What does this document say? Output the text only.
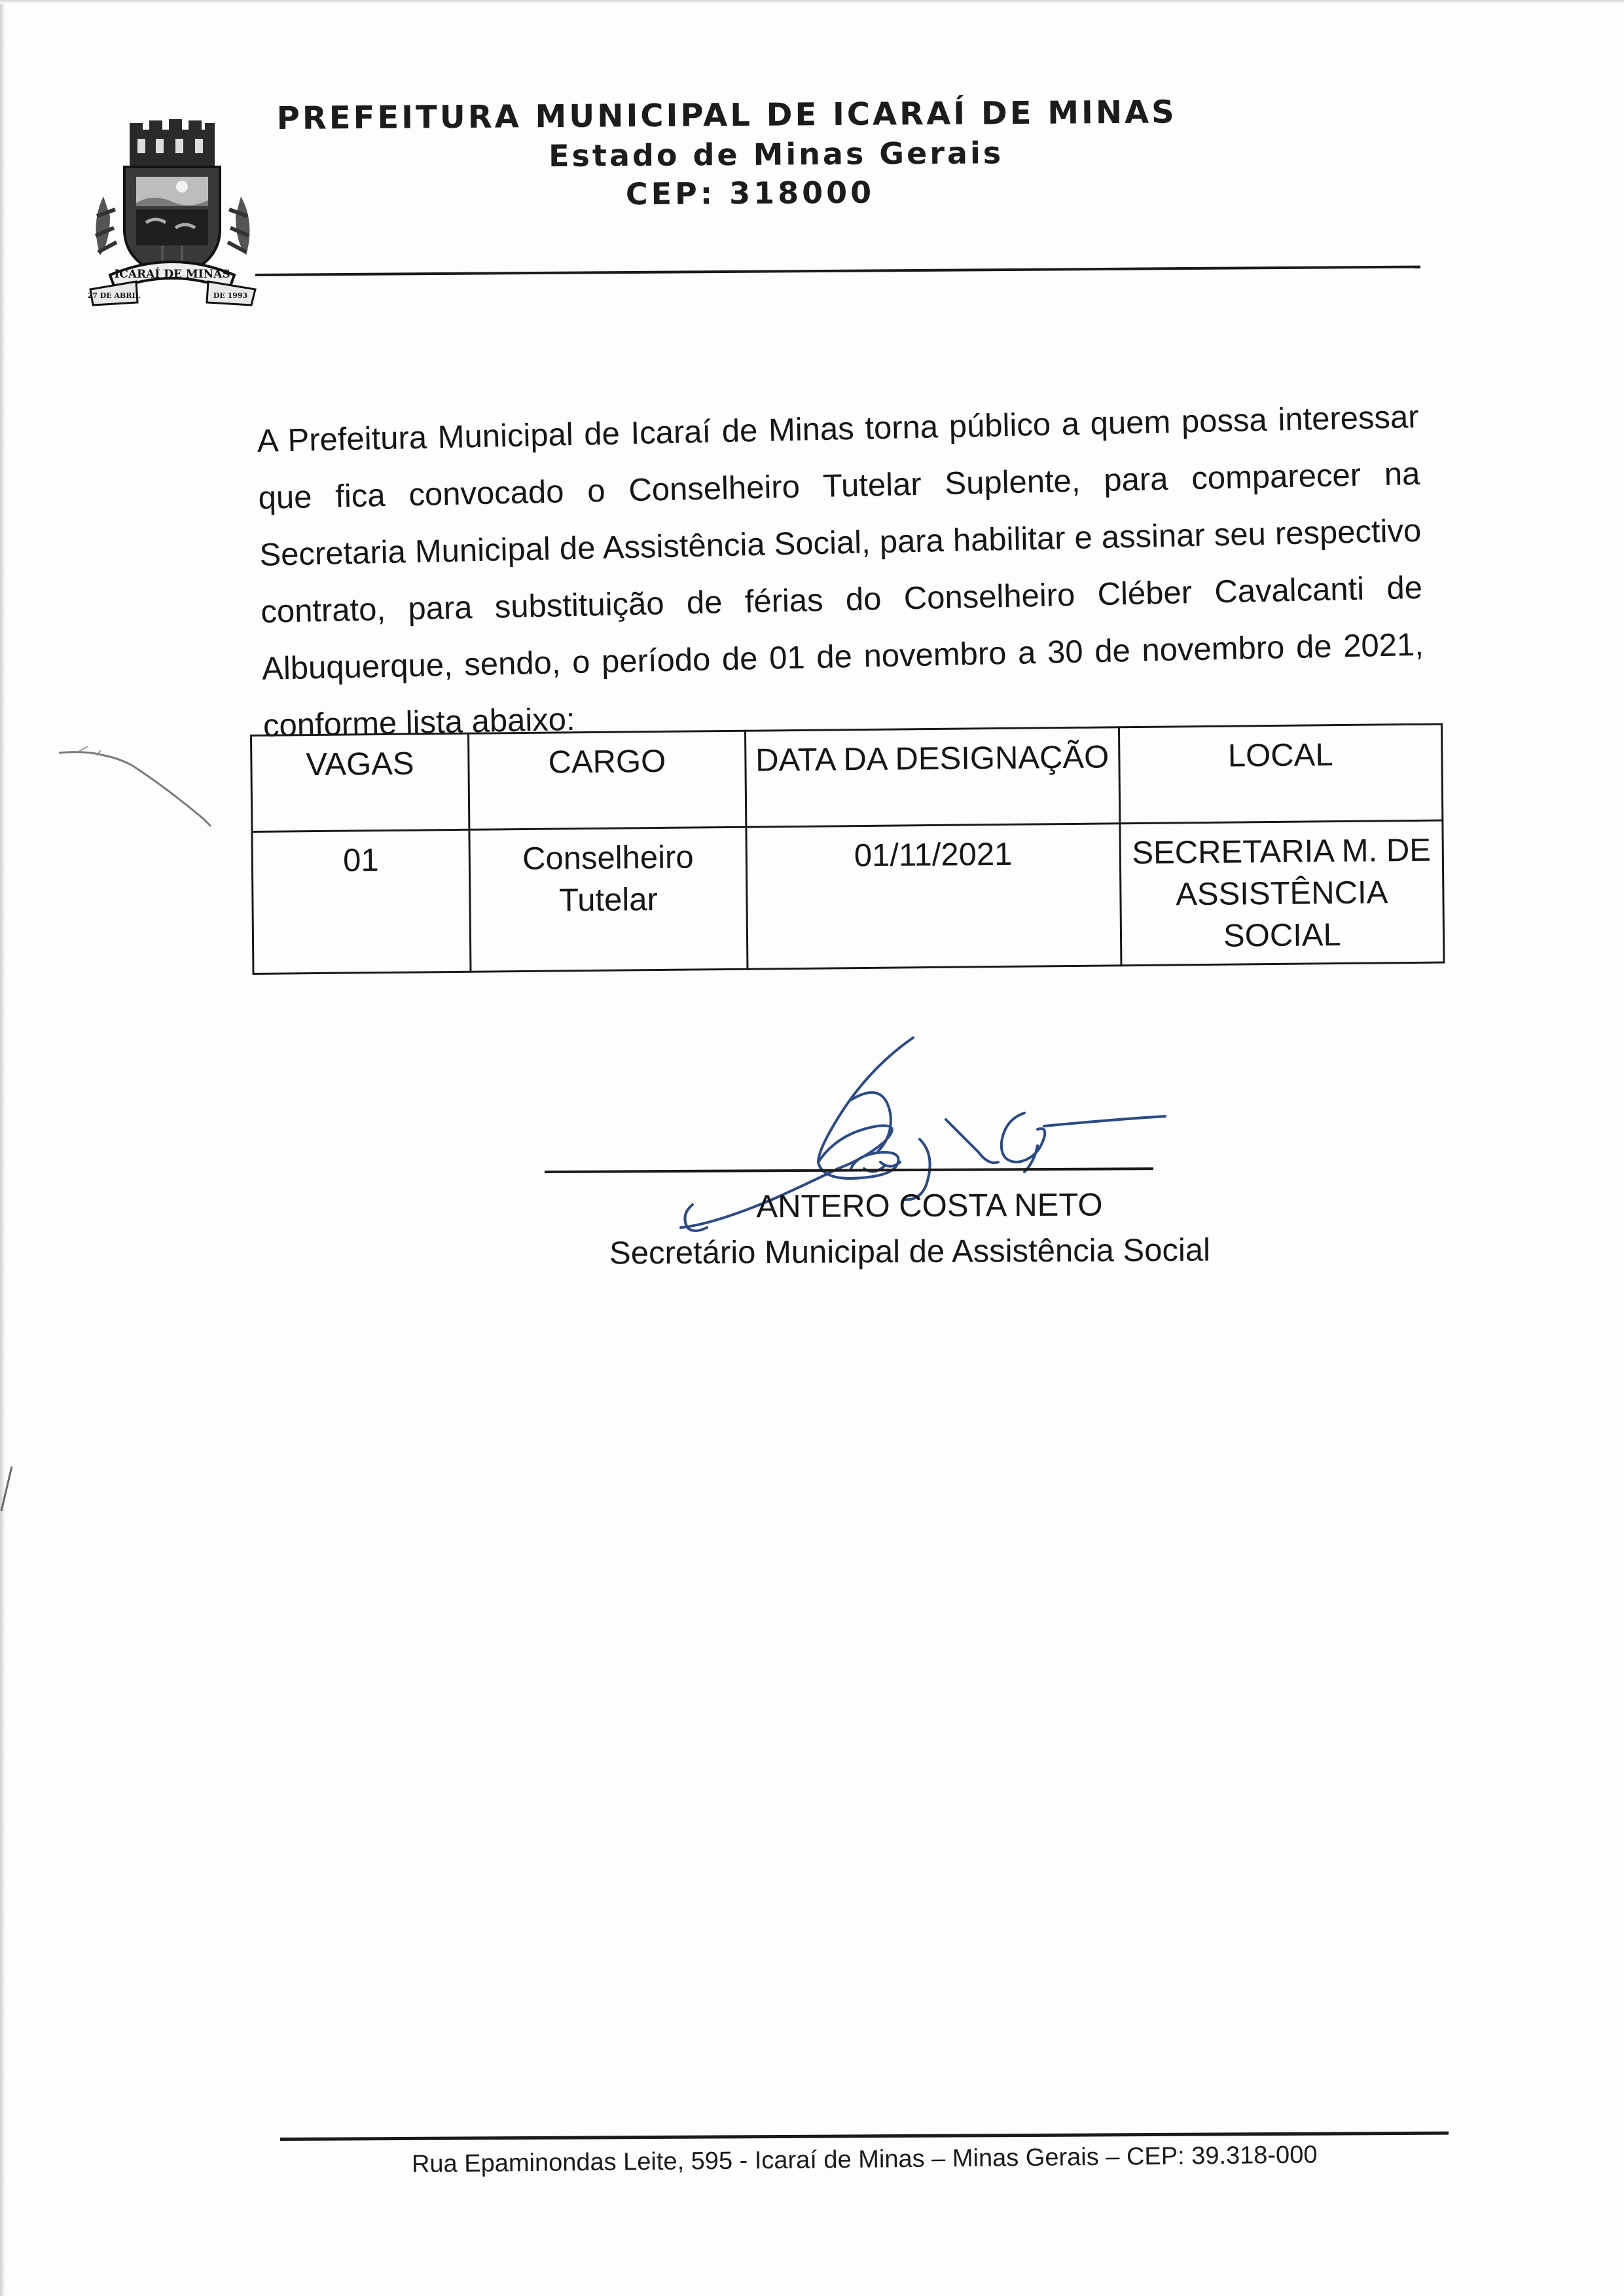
ICARAÍ DE MINAS
27 DE ABRIL	DE 1993
PREFEITURA MUNICIPAL DE ICARAÍ DE MINAS
Estado de Minas Gerais
CEP: 318000

A Prefeitura Municipal de Icaraí de Minas torna público a quem possa interessar que fica convocado o Conselheiro Tutelar Suplente, para comparecer na Secretaria Municipal de Assistência Social, para habilitar e assinar seu respectivo contrato, para substituição de férias do Conselheiro Cléber Cavalcanti de Albuquerque, sendo, o período de 01 de novembro a 30 de novembro de 2021, conforme lista abaixo:

VAGAS	CARGO	DATA DA DESIGNAÇÃO	LOCAL
01	Conselheiro Tutelar	01/11/2021	SECRETARIA M. DE ASSISTÊNCIA SOCIAL
ANTERO COSTA NETO
Secretário Municipal de Assistência Social
Rua Epaminondas Leite, 595 - Icaraí de Minas – Minas Gerais – CEP: 39.318-000
